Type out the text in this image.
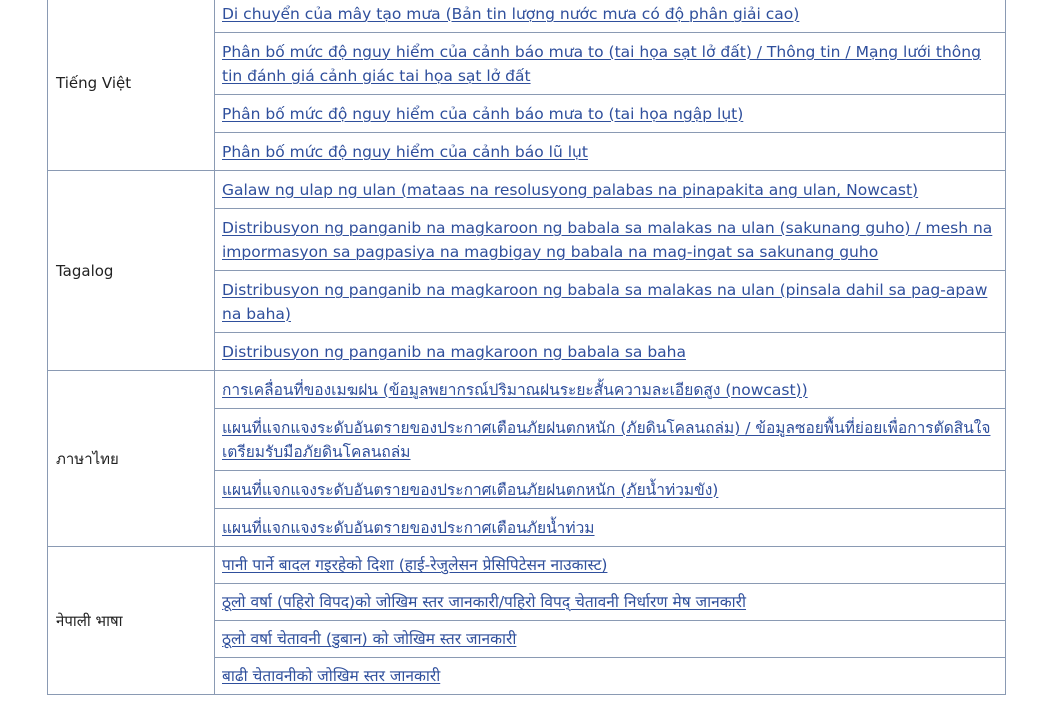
Tiếng Việt	Di chuyển của mây tạo mưa (Bản tin lượng nước mưa có độ phân giải cao)
	Phân bố mức độ nguy hiểm của cảnh báo mưa to (tai họa sạt lở đất) / Thông tin / Mạng lưới thông tin đánh giá cảnh giác tai họa sạt lở đất
	Phân bố mức độ nguy hiểm của cảnh báo mưa to (tai họa ngập lụt)
	Phân bố mức độ nguy hiểm của cảnh báo lũ lụt
Tagalog	Galaw ng ulap ng ulan (mataas na resolusyong palabas na pinapakita ang ulan, Nowcast)
	Distribusyon ng panganib na magkaroon ng babala sa malakas na ulan (sakunang guho) / mesh na impormasyon sa pagpasiya na magbigay ng babala na mag-ingat sa sakunang guho
	Distribusyon ng panganib na magkaroon ng babala sa malakas na ulan (pinsala dahil sa pag-apaw na baha)
	Distribusyon ng panganib na magkaroon ng babala sa baha
ภาษาไทย	การเคลื่อนที่ของเมฆฝน (ข้อมูลพยากรณ์ปริมาณฝนระยะสั้นความละเอียดสูง (nowcast))
	แผนที่แจกแจงระดับอันตรายของประกาศเตือนภัยฝนตกหนัก (ภัยดินโคลนถล่ม) / ข้อมูลซอยพื้นที่ย่อยเพื่อการตัดสินใจเตรียมรับมือภัยดินโคลนถล่ม
	แผนที่แจกแจงระดับอันตรายของประกาศเตือนภัยฝนตกหนัก (ภัยน้ำท่วมขัง)
	แผนที่แจกแจงระดับอันตรายของประกาศเตือนภัยน้ำท่วม
नेपाली भाषा	पानी पार्ने बादल गइरहेको दिशा (हाई-रेजुलेसन प्रेसिपिटेसन नाउकास्ट)
	ठूलो वर्षा (पहिरो विपद)को जोखिम स्तर जानकारी/पहिरो विपद् चेतावनी निर्धारण मेष जानकारी
	ठूलो वर्षा चेतावनी (डुबान) को जोखिम स्तर जानकारी
	बाढी चेतावनीको जोखिम स्तर जानकारी
